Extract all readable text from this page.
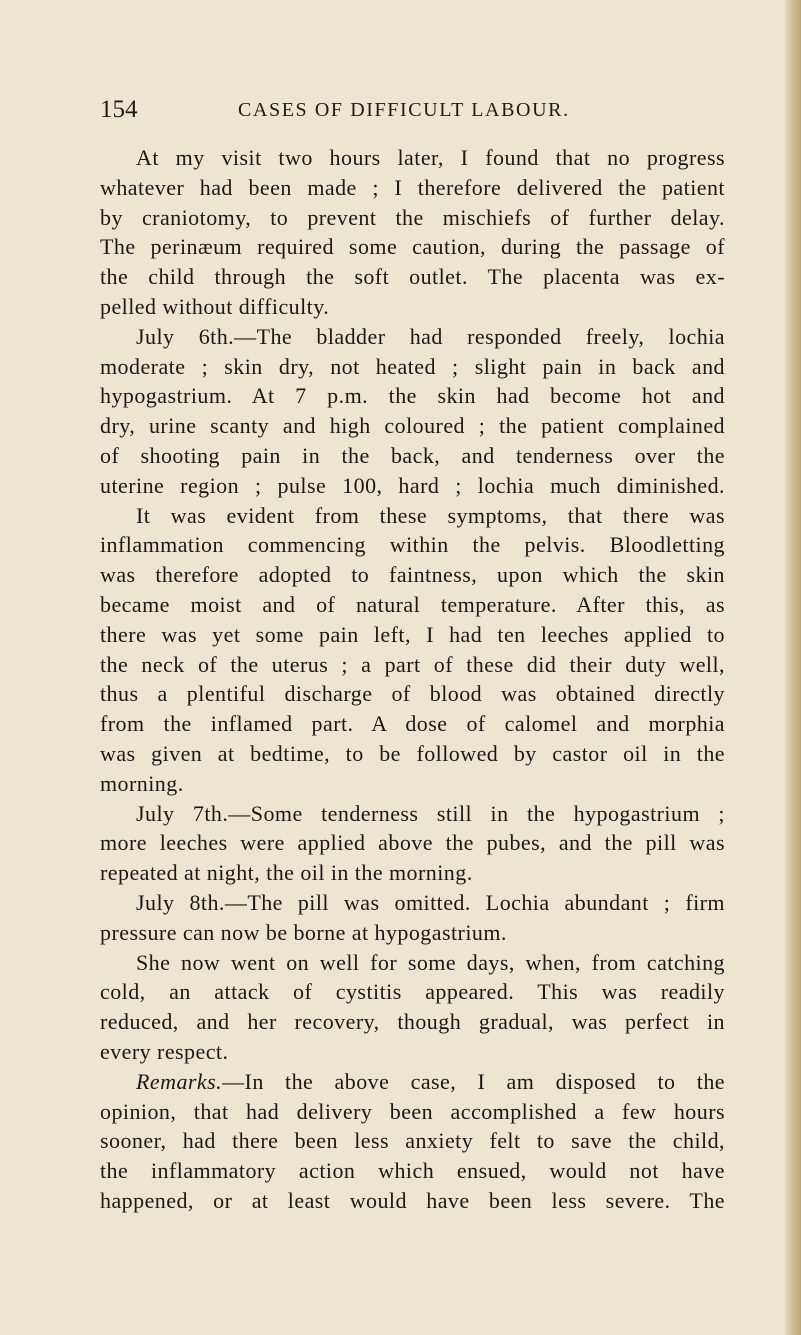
154	CASES OF DIFFICULT LABOUR.
At my visit two hours later, I found that no progress
whatever had been made ; I therefore delivered the patient
by craniotomy, to prevent the mischiefs of further delay.
The perinæum required some caution, during the passage of
the child through the soft outlet. The placenta was ex-
pelled without difficulty.
July 6th.—The bladder had responded freely, lochia
moderate ; skin dry, not heated ; slight pain in back and
hypogastrium. At 7 p.m. the skin had become hot and
dry, urine scanty and high coloured ; the patient complained
of shooting pain in the back, and tenderness over the
uterine region ; pulse 100, hard ; lochia much diminished.
It was evident from these symptoms, that there was
inflammation commencing within the pelvis. Bloodletting
was therefore adopted to faintness, upon which the skin
became moist and of natural temperature. After this, as
there was yet some pain left, I had ten leeches applied to
the neck of the uterus ; a part of these did their duty well,
thus a plentiful discharge of blood was obtained directly
from the inflamed part. A dose of calomel and morphia
was given at bedtime, to be followed by castor oil in the
morning.
July 7th.—Some tenderness still in the hypogastrium ;
more leeches were applied above the pubes, and the pill was
repeated at night, the oil in the morning.
July 8th.—The pill was omitted. Lochia abundant ; firm
pressure can now be borne at hypogastrium.
She now went on well for some days, when, from catching
cold, an attack of cystitis appeared. This was readily
reduced, and her recovery, though gradual, was perfect in
every respect.
Remarks.—In the above case, I am disposed to the
opinion, that had delivery been accomplished a few hours
sooner, had there been less anxiety felt to save the child,
the inflammatory action which ensued, would not have
happened, or at least would have been less severe. The
